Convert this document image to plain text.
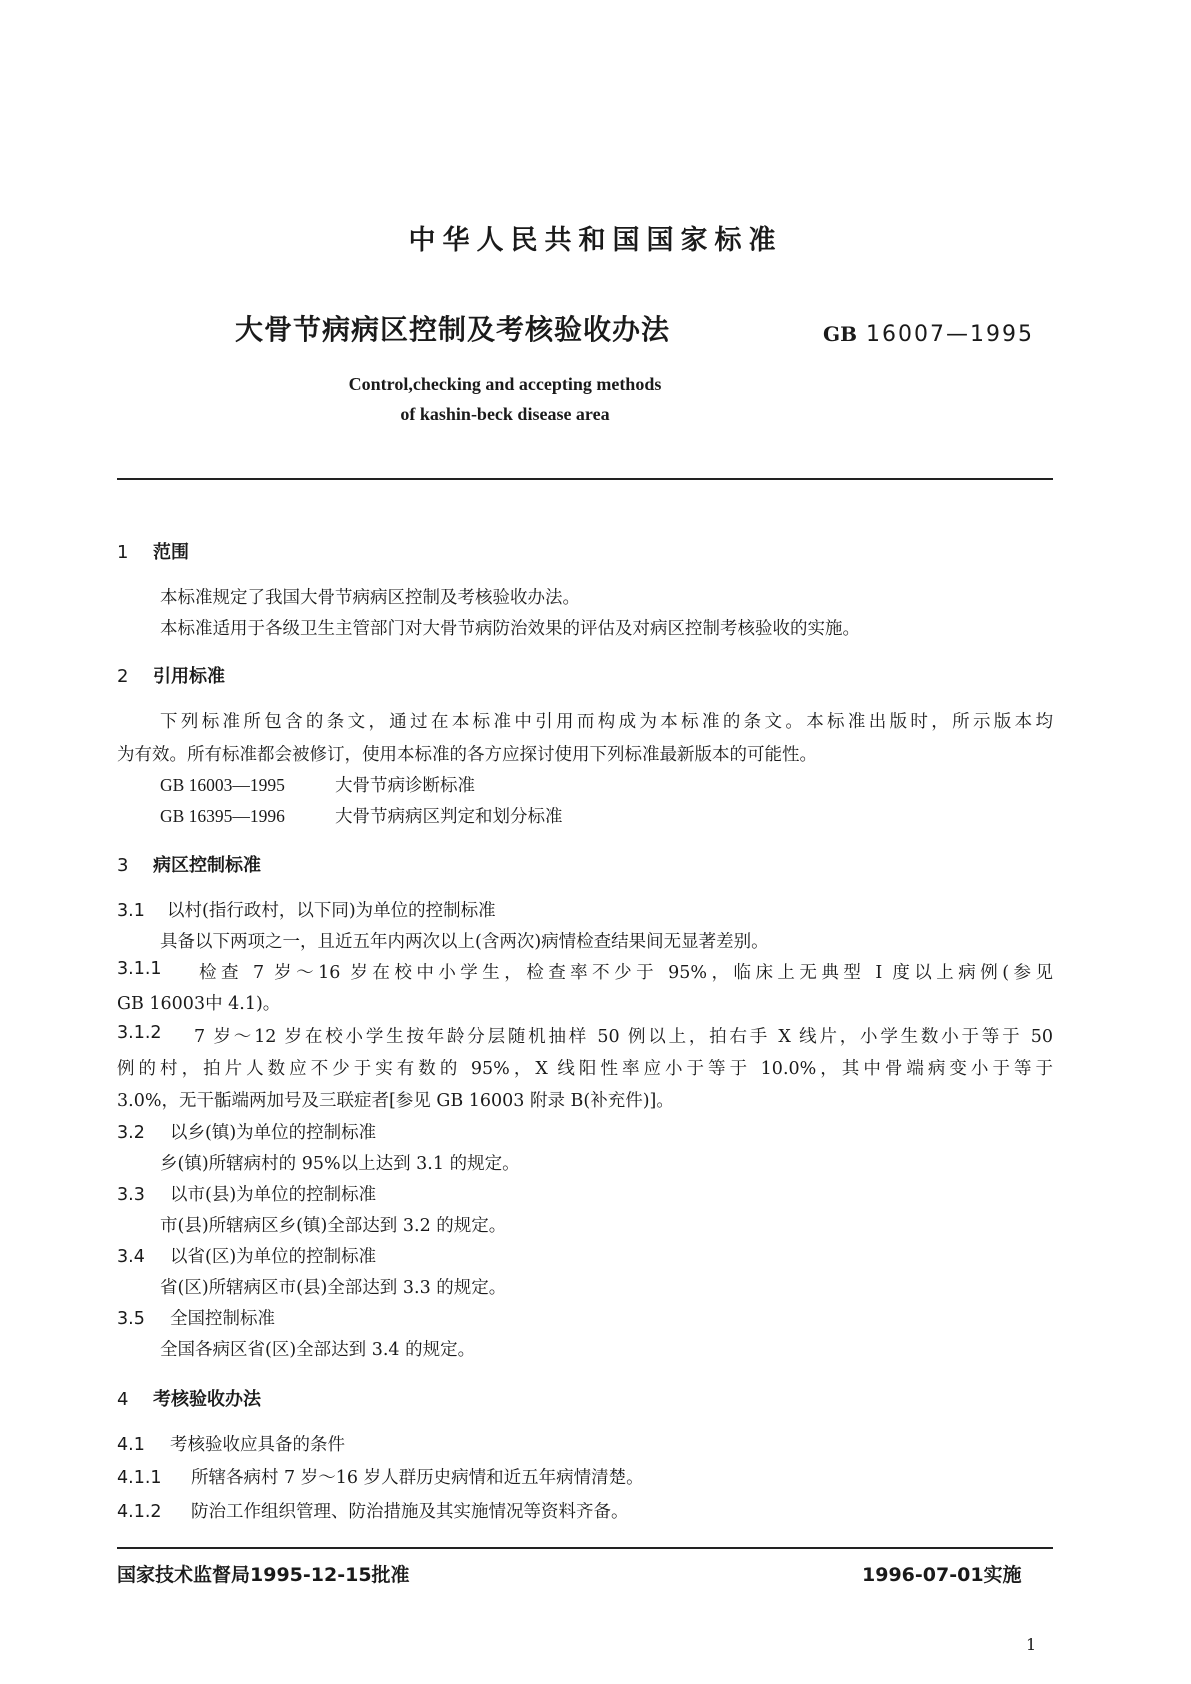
中华人民共和国国家标准
大骨节病病区控制及考核验收办法	GB 16007—1995
Control,checking and accepting methods
of kashin-beck disease area
1 范围
本标准规定了我国大骨节病病区控制及考核验收办法。
本标准适用于各级卫生主管部门对大骨节病防治效果的评估及对病区控制考核验收的实施。
2 引用标准
下列标准所包含的条文，通过在本标准中引用而构成为本标准的条文。本标准出版时，所示版本均
为有效。所有标准都会被修订，使用本标准的各方应探讨使用下列标准最新版本的可能性。
GB 16003—1995	大骨节病诊断标准
GB 16395—1996	大骨节病病区判定和划分标准
3 病区控制标准
3.1 以村(指行政村，以下同)为单位的控制标准
具备以下两项之一，且近五年内两次以上(含两次)病情检查结果间无显著差别。
3.1.1	检查 7 岁～16 岁在校中小学生，检查率不少于 95%，临床上无典型 I 度以上病例(参见
GB 16003中 4.1)。
3.1.2	7 岁～12 岁在校小学生按年龄分层随机抽样 50 例以上，拍右手 X 线片，小学生数小于等于 50
例的村，拍片人数应不少于实有数的 95%，X 线阳性率应小于等于 10.0%，其中骨端病变小于等于
3.0%，无干骺端两加号及三联症者[参见 GB 16003 附录 B(补充件)]。
3.2 以乡(镇)为单位的控制标准
乡(镇)所辖病村的 95%以上达到 3.1 的规定。
3.3 以市(县)为单位的控制标准
市(县)所辖病区乡(镇)全部达到 3.2 的规定。
3.4 以省(区)为单位的控制标准
省(区)所辖病区市(县)全部达到 3.3 的规定。
3.5 全国控制标准
全国各病区省(区)全部达到 3.4 的规定。
4 考核验收办法
4.1 考核验收应具备的条件
4.1.1 所辖各病村 7 岁～16 岁人群历史病情和近五年病情清楚。
4.1.2 防治工作组织管理、防治措施及其实施情况等资料齐备。
国家技术监督局1995-12-15批准	1996-07-01实施
1
